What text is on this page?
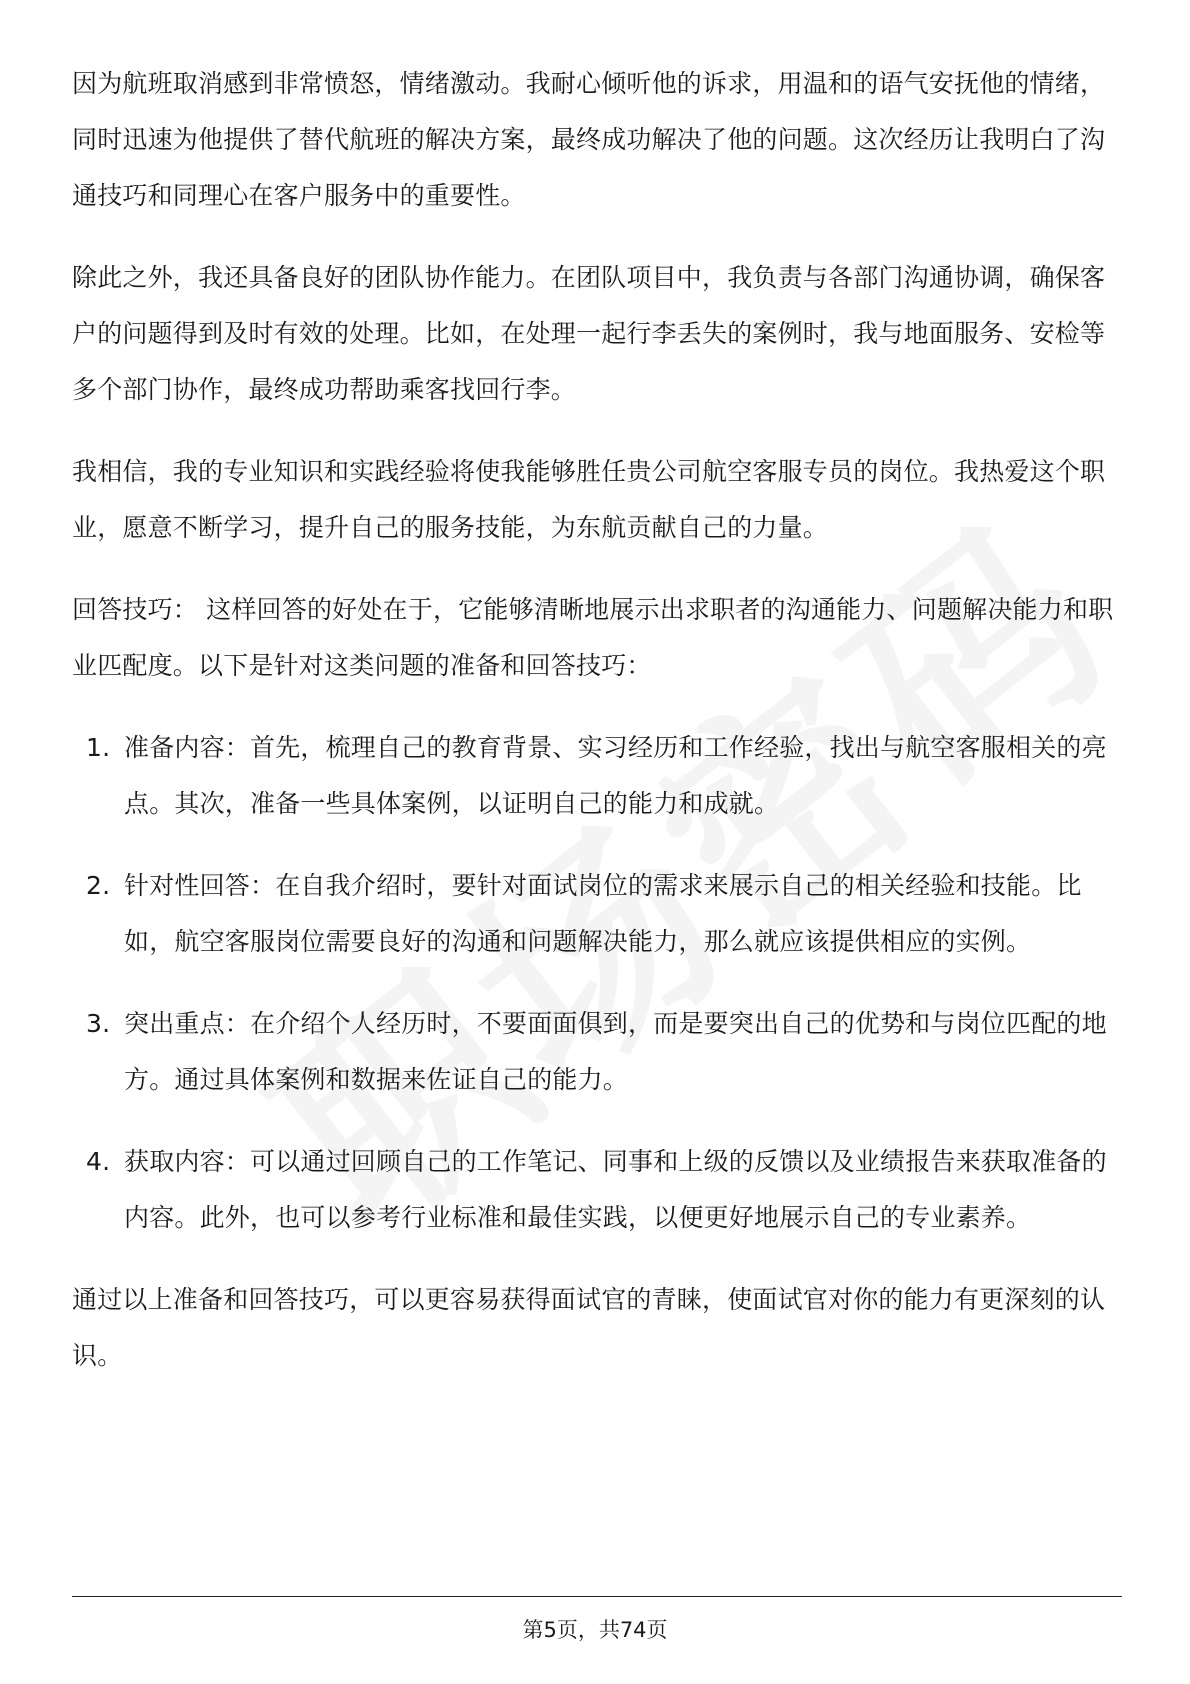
因为航班取消感到非常愤怒，情绪激动。我耐心倾听他的诉求，用温和的语气安抚他的情绪，同时迅速为他提供了替代航班的解决方案，最终成功解决了他的问题。这次经历让我明白了沟通技巧和同理心在客户服务中的重要性。

除此之外，我还具备良好的团队协作能力。在团队项目中，我负责与各部门沟通协调，确保客户的问题得到及时有效的处理。比如，在处理一起行李丢失的案例时，我与地面服务、安检等多个部门协作，最终成功帮助乘客找回行李。

我相信，我的专业知识和实践经验将使我能够胜任贵公司航空客服专员的岗位。我热爱这个职业，愿意不断学习，提升自己的服务技能，为东航贡献自己的力量。

回答技巧： 这样回答的好处在于，它能够清晰地展示出求职者的沟通能力、问题解决能力和职业匹配度。以下是针对这类问题的准备和回答技巧：

1. 准备内容：首先，梳理自己的教育背景、实习经历和工作经验，找出与航空客服相关的亮点。其次，准备一些具体案例，以证明自己的能力和成就。
2. 针对性回答：在自我介绍时，要针对面试岗位的需求来展示自己的相关经验和技能。比如，航空客服岗位需要良好的沟通和问题解决能力，那么就应该提供相应的实例。
3. 突出重点：在介绍个人经历时，不要面面俱到，而是要突出自己的优势和与岗位匹配的地方。通过具体案例和数据来佐证自己的能力。
4. 获取内容：可以通过回顾自己的工作笔记、同事和上级的反馈以及业绩报告来获取准备的内容。此外，也可以参考行业标准和最佳实践，以便更好地展示自己的专业素养。

通过以上准备和回答技巧，可以更容易获得面试官的青睐，使面试官对你的能力有更深刻的认识。

第5页，共74页
